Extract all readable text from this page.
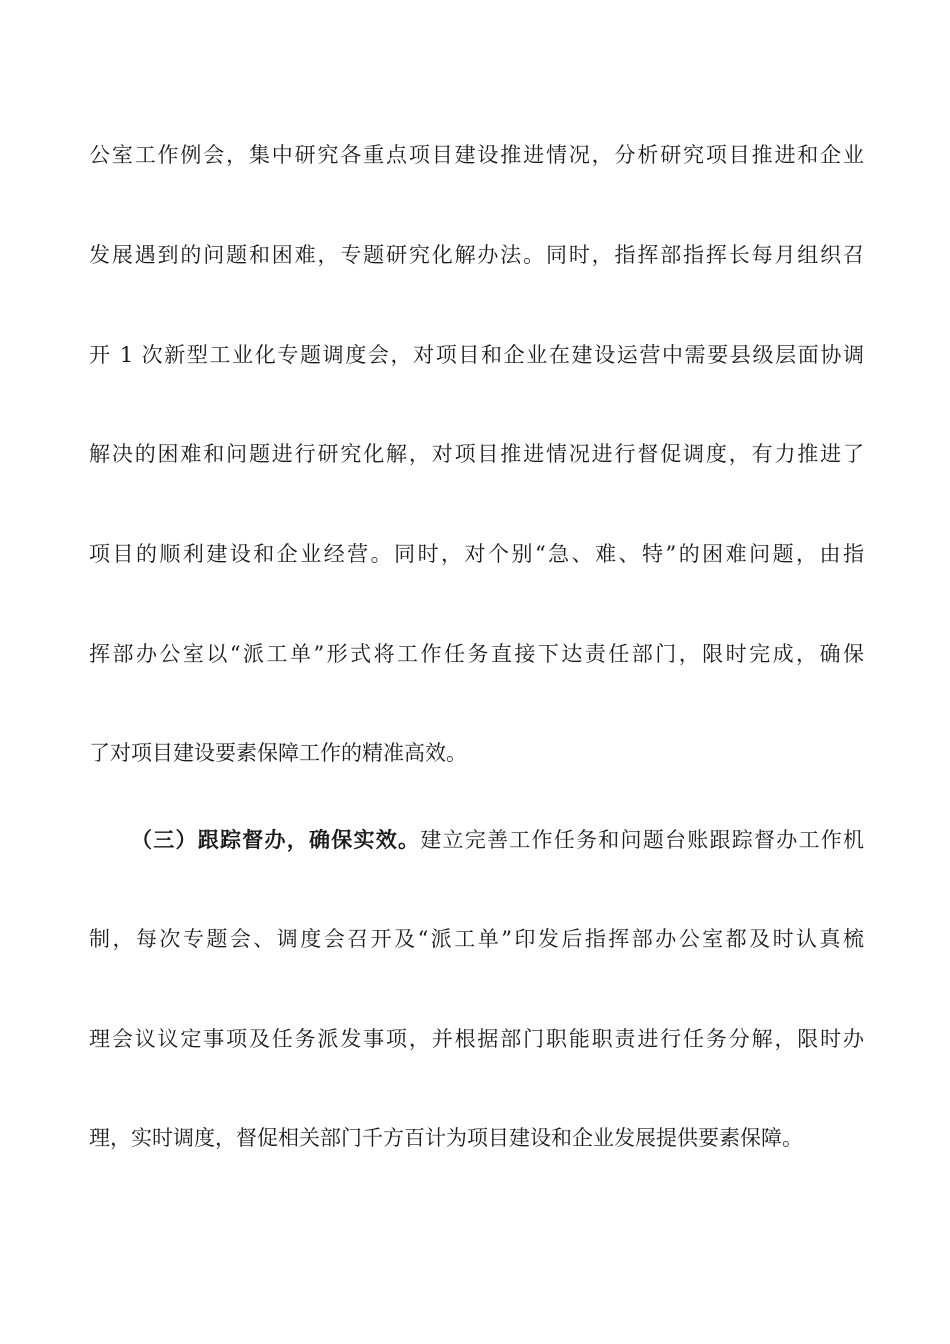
公室工作例会，集中研究各重点项目建设推进情况，分析研究项目推进和企业
发展遇到的问题和困难，专题研究化解办法。同时，指挥部指挥长每月组织召
开 1 次新型工业化专题调度会，对项目和企业在建设运营中需要县级层面协调
解决的困难和问题进行研究化解，对项目推进情况进行督促调度，有力推进了
项目的顺利建设和企业经营。同时，对个别“急、难、特”的困难问题，由指
挥部办公室以“派工单”形式将工作任务直接下达责任部门，限时完成，确保
了对项目建设要素保障工作的精准高效。
（三）跟踪督办，确保实效。建立完善工作任务和问题台账跟踪督办工作机
制，每次专题会、调度会召开及“派工单”印发后指挥部办公室都及时认真梳
理会议议定事项及任务派发事项，并根据部门职能职责进行任务分解，限时办
理，实时调度，督促相关部门千方百计为项目建设和企业发展提供要素保障。
